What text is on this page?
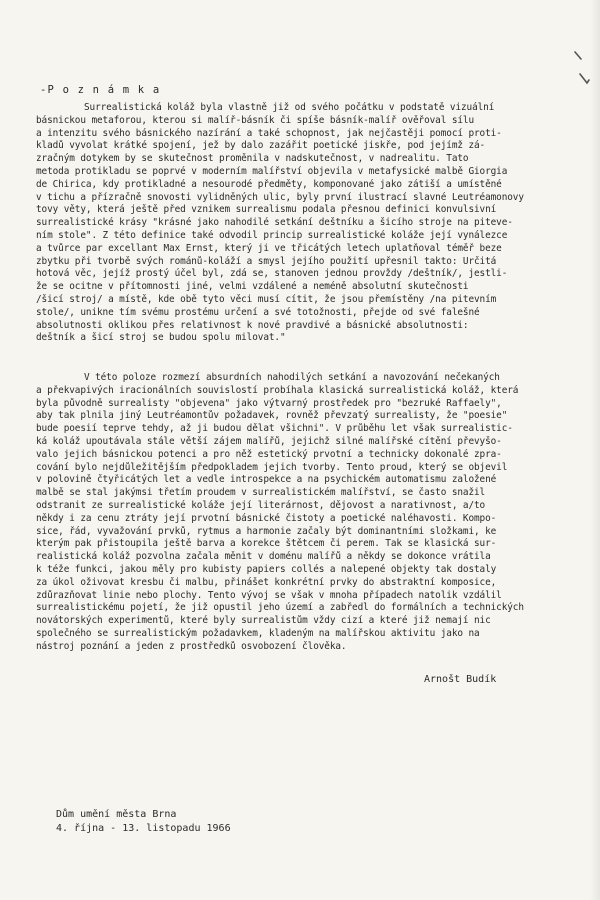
-P o z n á m k a
Surrealistická koláž byla vlastně již od svého počátku v podstatě vizuální
básnickou metaforou, kterou si malíř-básník či spíše básník-malíř ověřoval sílu
a intenzitu svého básnického nazírání a také schopnost, jak nejčastěji pomocí proti-
kladů vyvolat krátké spojení, jež by dalo zazářit poetické jiskře, pod jejímž zá-
zračným dotykem by se skutečnost proměnila v nadskutečnost, v nadrealitu. Tato
metoda protikladu se poprvé v moderním malířství objevila v metafysické malbě Giorgia
de Chirica, kdy protikladné a nesourodé předměty, komponované jako zátiší a umístěné
v tichu a přízračně snovosti vylidněných ulic, byly první ilustrací slavné Leutréamonovy
tovy věty, která ještě před vznikem surrealismu podala přesnou definici konvulsivní
surrealistické krásy "krásné jako nahodilé setkání deštníku a šicího stroje na piteve-
ním stole". Z této definice také odvodil princip surrealistické koláže její vynálezce
a tvůrce par excellant Max Ernst, který ji ve třicátých letech uplatňoval téměř beze
zbytku při tvorbě svých románů-koláží a smysl jejího použití upřesnil takto: Určitá
hotová věc, jejíž prostý účel byl, zdá se, stanoven jednou provždy /deštník/, jestli-
že se ocitne v přítomnosti jiné, velmi vzdálené a neméně absolutní skutečnosti
/šicí stroj/ a místě, kde obě tyto věci musí cítit, že jsou přemístěny /na pitevním
stole/, unikne tím svému prostému určení a své totožnosti, přejde od své falešné
absolutnosti oklikou přes relativnost k nové pravdivé a básnické absolutnosti:
deštník a šicí stroj se budou spolu milovat."
V této poloze rozmezí absurdních nahodilých setkání a navozování nečekaných
a překvapivých iracionálních souvislostí probíhala klasická surrealistická koláž, která
byla původně surrealisty "objevena" jako výtvarný prostředek pro "bezruké Raffaely",
aby tak plnila jiný Leutréamontův požadavek, rovněž převzatý surrealisty, že "poesie"
bude poesií teprve tehdy, až ji budou dělat všichni". V průběhu let však surrealistic-
ká koláž upoutávala stále větší zájem malířů, jejichž silné malířské cítění převyšo-
valo jejich básnickou potenci a pro něž estetický prvotní a technicky dokonalé zpra-
cování bylo nejdůležitějším předpokladem jejich tvorby. Tento proud, který se objevil
v polovině čtyřicátých let a vedle introspekce a na psychickém automatismu založené
malbě se stal jakýmsi třetím proudem v surrealistickém malířství, se často snažil
odstranit ze surrealistické koláže její literárnost, dějovost a narativnost, a/to
někdy i za cenu ztráty její prvotní básnické čistoty a poetické naléhavosti. Kompo-
sice, řád, vyvažování prvků, rytmus a harmonie začaly být dominantními složkami, ke
kterým pak přistoupila ještě barva a korekce štětcem či perem. Tak se klasická sur-
realistická koláž pozvolna začala měnit v doménu malířů a někdy se dokonce vrátila
k téže funkci, jakou měly pro kubisty papiers collés a nalepené objekty tak dostaly
za úkol oživovat kresbu či malbu, přinášet konkrétní prvky do abstraktní komposice,
zdůrazňovat linie nebo plochy. Tento vývoj se však v mnoha případech natolik vzdálil
surrealistickému pojetí, že již opustil jeho území a zabředl do formálních a technických
novátorských experimentů, které byly surrealistům vždy cizí a které již nemají nic
společného se surrealistickým požadavkem, kladeným na malířskou aktivitu jako na
nástroj poznání a jeden z prostředků osvobození člověka.
Arnošt Budík
Dům umění města Brna
4. října - 13. listopadu 1966
